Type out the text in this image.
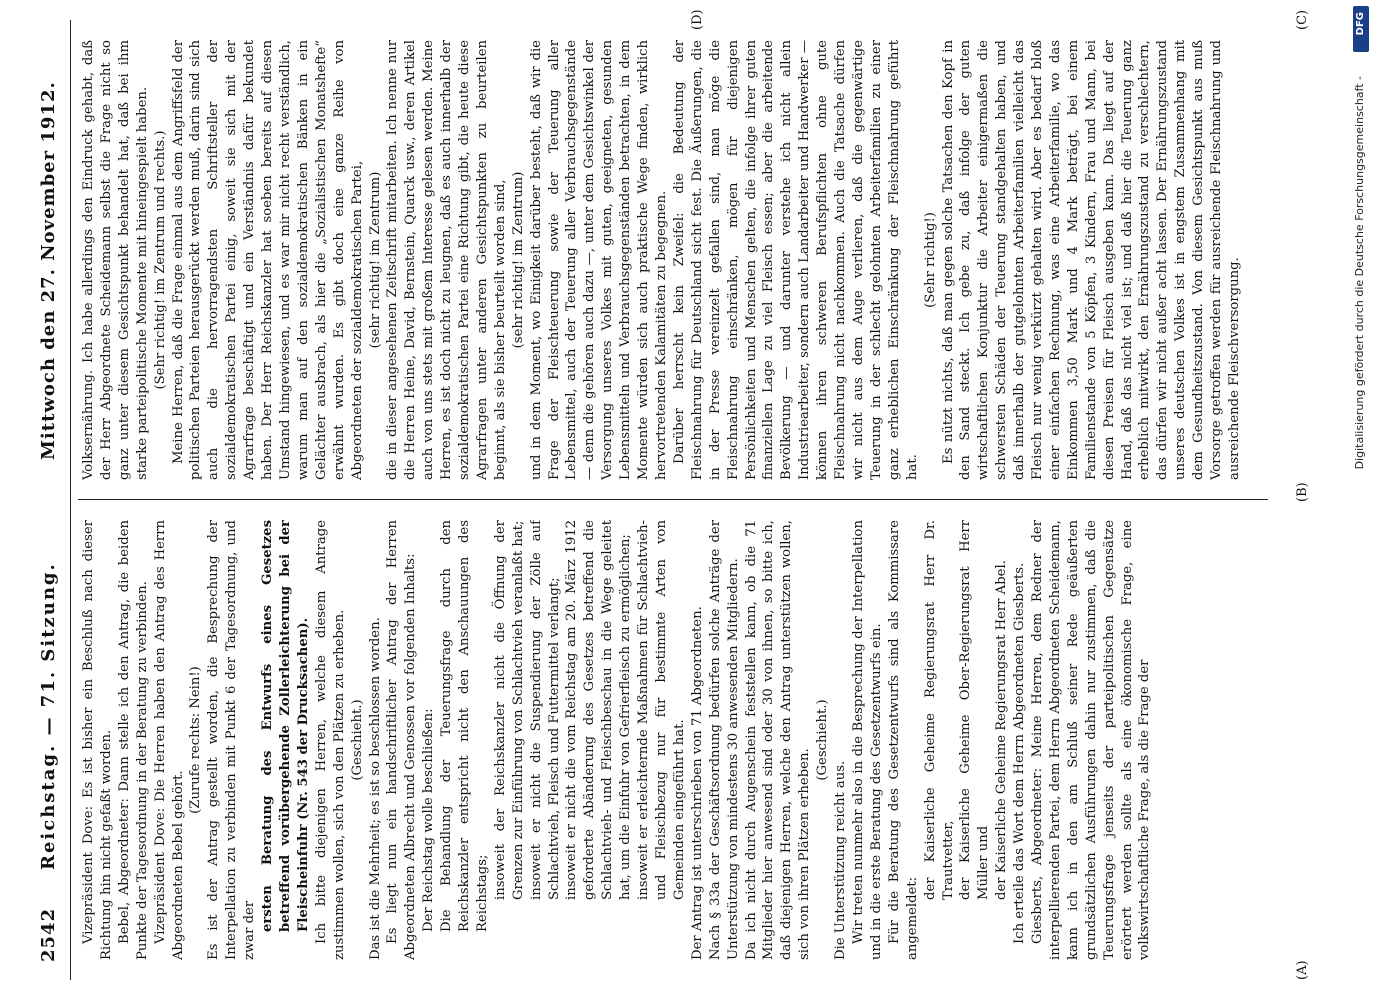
2542
Reichstag. — 71. Sitzung.
Mittwoch den 27. November 1912.

Vizepräsident Dove: Es ist bisher ein Beschluß nach dieser Richtung hin nicht gefaßt worden. Bebel, Abgeordneter: Dann stelle ich den Antrag, die beiden Punkte der Tagesordnung in der Beratung zu verbinden. Vizepräsident Dove: Die Herren haben den Antrag des Herrn Abgeordneten Bebel gehört.

(Zurufe rechts: Nein!) Es ist der Antrag gestellt worden, die Besprechung der Interpellation zu verbinden mit Punkt 6 der Tagesordnung, und zwar der ersten Beratung des Entwurfs eines Gesetzes betreffend vorübergehende Zollerleichterung bei der Fleischeinfuhr (Nr. 543 der Drucksachen). Ich bitte diejenigen Herren, welche diesem Antrage zustimmen wollen, sich von den Plätzen zu erheben. (Geschieht.) Das ist die Mehrheit; es ist so beschlossen worden. Es liegt nun ein handschriftlicher Antrag der Herren Abgeordneten Albrecht und Genossen vor folgenden Inhalts: Der Reichstag wolle beschließen: Die Behandlung der Teuerungsfrage durch den Reichskanzler entspricht nicht den Anschauungen des Reichstags; insoweit der Reichskanzler nicht die Öffnung der Grenzen zur Einführung von Schlachtvieh veranlaßt hat; insoweit er nicht die Suspendierung der Zölle auf Schlachtvieh, Fleisch und Futtermittel verlangt; insoweit er nicht die vom Reichstag am 20. März 1912 geforderte Abänderung des Gesetzes betreffend die Schlachtvieh- und Fleischbeschau in die Wege geleitet hat, um die Einfuhr von Gefrierfleisch zu ermöglichen; insoweit er erleichternde Maßnahmen für Schlachtvieh- und Fleischbezug nur für bestimmte Arten von Gemeinden eingeführt hat. Der Antrag ist unterschrieben von 71 Abgeordneten. Nach § 33a der Geschäftsordnung bedürfen solche Anträge der Unterstützung von mindestens 30 anwesenden Mitgliedern. Da ich nicht durch Augenschein feststellen kann, ob die 71 Mitglieder hier anwesend sind oder 30 von ihnen, so bitte ich, daß diejenigen Herren, welche den Antrag unterstützen wollen, sich von ihren Plätzen erheben.

(Geschieht.)

Die Unterstützung reicht aus. Wir treten nunmehr also in die Besprechung der Interpellation und in die erste Beratung des Gesetzentwurfs ein. Für die Beratung des Gesetzentwurfs sind als Kommissare angemeldet:

der Kaiserliche Geheime Regierungsrat Herr Dr. Trautvetter, der Kaiserliche Geheime Ober-Regierungsrat Herr Müller und der Kaiserliche Geheime Regierungsrat Herr Abel. Ich erteile das Wort dem Herrn Abgeordneten Giesberts. Giesberts, Abgeordneter: Meine Herren, dem Redner der interpellierenden Partei, dem Herrn Abgeordneten Scheidemann, kann ich in den am Schluß seiner Rede geäußerten grundsätzlichen Ausführungen dahin nur zustimmen, daß die Teuerungsfrage jenseits der parteipolitischen Gegensätze erörtert werden sollte als eine ökonomische Frage, eine volkswirtschaftliche Frage, als die Frage der

Volksernährung. Ich habe allerdings den Eindruck gehabt, daß der Herr Abgeordnete Scheidemann selbst die Frage nicht so ganz unter diesem Gesichtspunkt behandelt hat, daß bei ihm starke parteipolitische Momente mit hineingespielt haben. (Sehr richtig! im Zentrum und rechts.) Meine Herren, daß die Frage einmal aus dem Angriffsfeld der politischen Parteien herausgerückt werden muß, darin sind sich auch die hervorragendsten Schriftsteller der sozialdemokratischen Partei einig, soweit sie sich mit der Agrarfrage beschäftigt und ein Verständnis dafür bekundet haben. Der Herr Reichskanzler hat soeben bereits auf diesen Umstand hingewiesen, und es war mir nicht recht verständlich, warum man auf den sozialdemokratischen Bänken in ein Gelächter ausbrach, als hier die „Sozialistischen Monatshefte“ erwähnt wurden. Es gibt doch eine ganze Reihe von Abgeordneten der sozialdemokratischen Partei, (sehr richtig! im Zentrum) die in dieser angesehenen Zeitschrift mitarbeiten. Ich nenne nur die Herren Heine, David, Bernstein, Quarck usw., deren Artikel auch von uns stets mit großem Interesse gelesen werden. Meine Herren, es ist doch nicht zu leugnen, daß es auch innerhalb der sozialdemokratischen Partei eine Richtung gibt, die heute diese Agrarfragen unter anderen Gesichtspunkten zu beurteilen beginnt, als sie bisher beurteilt worden sind, (sehr richtig! im Zentrum) und in dem Moment, wo Einigkeit darüber besteht, daß wir die Frage der Fleischteuerung sowie der Teuerung aller Lebensmittel, auch der Teuerung aller Verbrauchsgegenstände — denn die gehören auch dazu —, unter dem Gesichtswinkel der Versorgung unseres Volkes mit guten, geeigneten, gesunden Lebensmitteln und Verbrauchsgegenständen betrachten, in dem Momente würden sich auch praktische Wege finden, wirklich hervortretenden Kalamitäten zu begegnen. Darüber herrscht kein Zweifel: die Bedeutung der Fleischnahrung für Deutschland sicht fest. Die Äußerungen, die in der Presse vereinzelt gefallen sind, man möge die Fleischnahrung einschränken, mögen für diejenigen Persönlichkeiten und Menschen gelten, die infolge ihrer guten finanziellen Lage zu viel Fleisch essen; aber die arbeitende Bevölkerung — und darunter verstehe ich nicht allein Industriearbeiter, sondern auch Landarbeiter und Handwerker — können ihren schweren Berufspflichten ohne gute Fleischnahrung nicht nachkommen. Auch die Tatsache dürfen wir nicht aus dem Auge verlieren, daß die gegenwärtige Teuerung in der schlecht gelohnten Arbeiterfamilien zu einer ganz erheblichen Einschränkung der Fleischnahrung geführt hat.

(Sehr richtig!) Es nützt nichts, daß man gegen solche Tatsachen den Kopf in den Sand steckt. Ich gebe zu, daß infolge der guten wirtschaftlichen Konjunktur die Arbeiter einigermaßen die schwersten Schäden der Teuerung standgehalten haben, und daß innerhalb der gutgelohnten Arbeiterfamilien vielleicht das Fleisch nur wenig verkürzt gehalten wird. Aber es bedarf bloß einer einfachen Rechnung, was eine Arbeiterfamilie, wo das Einkommen 3,50 Mark und 4 Mark beträgt, bei einem Familienstande von 5 Köpfen, 3 Kindern, Frau und Mann, bei diesen Preisen für Fleisch ausgeben kann. Das liegt auf der Hand, daß das nicht viel ist; und daß hier die Teuerung ganz erheblich mitwirkt, den Ernährungszustand zu verschlechtern, das dürfen wir nicht außer acht lassen. Der Ernährungszustand unseres deutschen Volkes ist in engstem Zusammenhang mit dem Gesundheitszustand. Von diesem Gesichtspunkt aus muß Vorsorge getroffen werden für ausreichende Fleischnahrung und ausreichende Fleischversorgung.

(A)
(B)
(C)
(D)	DFG
Digitalisierung gefördert durch die Deutsche Forschungsgemeinschaft -
